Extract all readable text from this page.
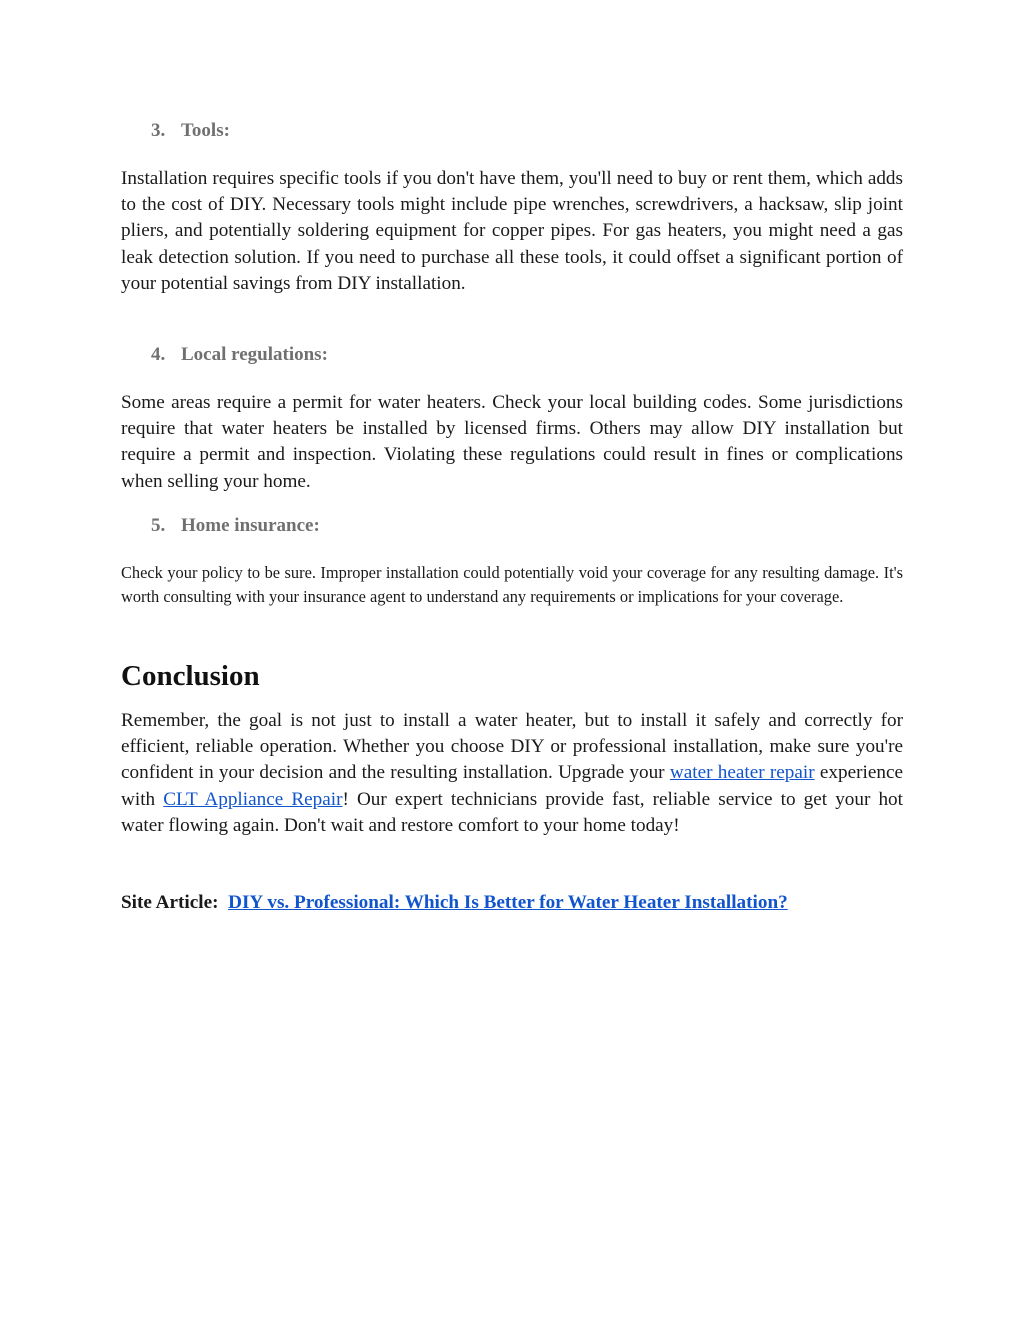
3. Tools:

Installation requires specific tools if you don't have them, you'll need to buy or rent them, which adds to the cost of DIY. Necessary tools might include pipe wrenches, screwdrivers, a hacksaw, slip joint pliers, and potentially soldering equipment for copper pipes. For gas heaters, you might need a gas leak detection solution. If you need to purchase all these tools, it could offset a significant portion of your potential savings from DIY installation.

4. Local regulations:

Some areas require a permit for water heaters. Check your local building codes. Some jurisdictions require that water heaters be installed by licensed firms. Others may allow DIY installation but require a permit and inspection. Violating these regulations could result in fines or complications when selling your home.

5. Home insurance:

Check your policy to be sure. Improper installation could potentially void your coverage for any resulting damage. It's worth consulting with your insurance agent to understand any requirements or implications for your coverage.

Conclusion

Remember, the goal is not just to install a water heater, but to install it safely and correctly for efficient, reliable operation. Whether you choose DIY or professional installation, make sure you're confident in your decision and the resulting installation. Upgrade your water heater repair experience with CLT Appliance Repair! Our expert technicians provide fast, reliable service to get your hot water flowing again. Don't wait and restore comfort to your home today!

Site Article: DIY vs. Professional: Which Is Better for Water Heater Installation?
